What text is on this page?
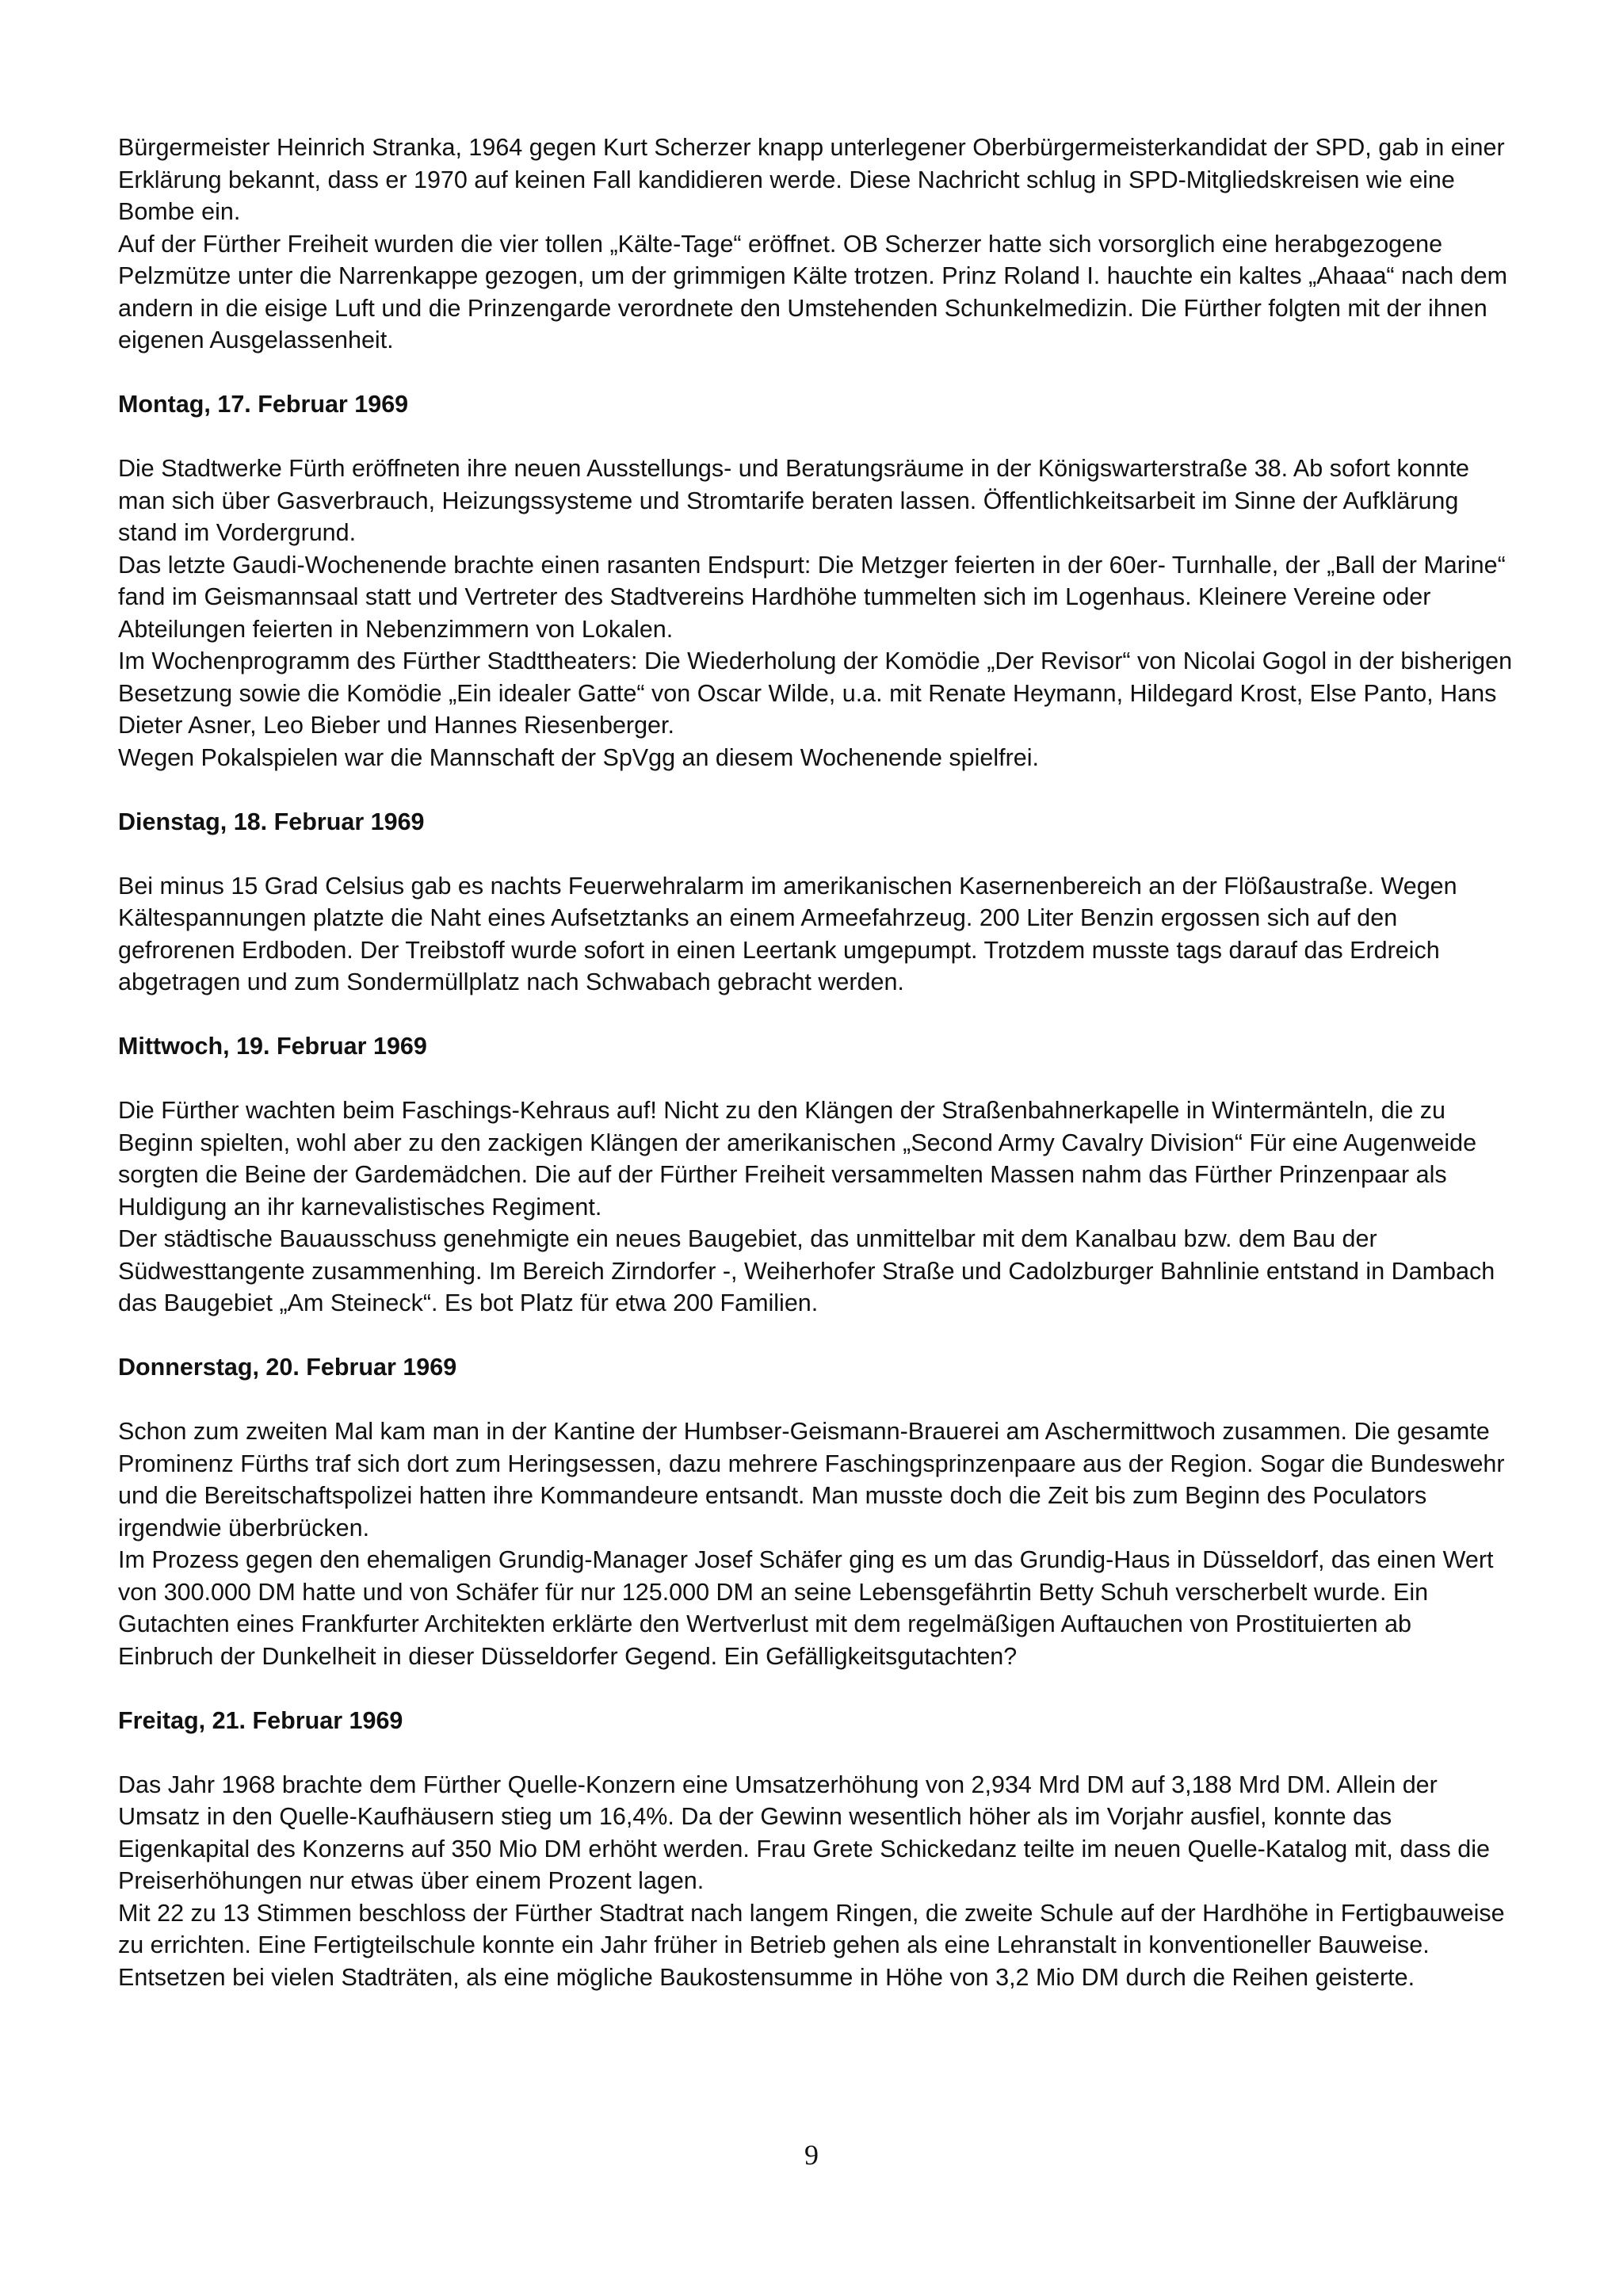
Bürgermeister Heinrich Stranka, 1964 gegen Kurt Scherzer knapp unterlegener Oberbürgermeisterkandidat der SPD, gab in einer Erklärung bekannt, dass er 1970 auf keinen Fall kandidieren werde. Diese Nachricht schlug in SPD-Mitgliedskreisen wie eine Bombe ein.

Auf der Fürther Freiheit wurden die vier tollen „Kälte-Tage“ eröffnet. OB Scherzer hatte sich vorsorglich eine herabgezogene Pelzmütze unter die Narrenkappe gezogen, um der grimmigen Kälte trotzen. Prinz Roland I. hauchte ein kaltes „Ahaaa“ nach dem andern in die eisige Luft und die Prinzengarde verordnete den Umstehenden Schunkelmedizin. Die Fürther folgten mit der ihnen eigenen Ausgelassenheit.

Montag, 17. Februar 1969

Die Stadtwerke Fürth eröffneten ihre neuen Ausstellungs- und Beratungsräume in der Königswarterstraße 38. Ab sofort konnte man sich über Gasverbrauch, Heizungssysteme und Stromtarife beraten lassen. Öffentlichkeitsarbeit im Sinne der Aufklärung stand im Vordergrund.

Das letzte Gaudi-Wochenende brachte einen rasanten Endspurt: Die Metzger feierten in der 60er- Turnhalle, der „Ball der Marine“ fand im Geismannsaal statt und Vertreter des Stadtvereins Hardhöhe tummelten sich im Logenhaus. Kleinere Vereine oder Abteilungen feierten in Nebenzimmern von Lokalen.

Im Wochenprogramm des Fürther Stadttheaters: Die Wiederholung der Komödie „Der Revisor“ von Nicolai Gogol in der bisherigen Besetzung sowie die Komödie „Ein idealer Gatte“ von Oscar Wilde, u.a. mit Renate Heymann, Hildegard Krost, Else Panto, Hans Dieter Asner, Leo Bieber und Hannes Riesenberger.

Wegen Pokalspielen war die Mannschaft der SpVgg an diesem Wochenende spielfrei.

Dienstag, 18. Februar 1969

Bei minus 15 Grad Celsius gab es nachts Feuerwehralarm im amerikanischen Kasernenbereich an der Flößaustraße. Wegen Kältespannungen platzte die Naht eines Aufsetztanks an einem Armeefahrzeug. 200 Liter Benzin ergossen sich auf den gefrorenen Erdboden. Der Treibstoff wurde sofort in einen Leertank umgepumpt. Trotzdem musste tags darauf das Erdreich abgetragen und zum Sondermüllplatz nach Schwabach gebracht werden.

Mittwoch, 19. Februar 1969

Die Fürther wachten beim Faschings-Kehraus auf! Nicht zu den Klängen der Straßenbahnerkapelle in Wintermänteln, die zu Beginn spielten, wohl aber zu den zackigen Klängen der amerikanischen „Second Army Cavalry Division“ Für eine Augenweide sorgten die Beine der Gardemädchen. Die auf der Fürther Freiheit versammelten Massen nahm das Fürther Prinzenpaar als Huldigung an ihr karnevalistisches Regiment.

Der städtische Bauausschuss genehmigte ein neues Baugebiet, das unmittelbar mit dem Kanalbau bzw. dem Bau der Südwesttangente zusammenhing. Im Bereich Zirndorfer -, Weiherhofer Straße und Cadolzburger Bahnlinie entstand in Dambach das Baugebiet „Am Steineck“. Es bot Platz für etwa 200 Familien.

Donnerstag, 20. Februar 1969

Schon zum zweiten Mal kam man in der Kantine der Humbser-Geismann-Brauerei am Aschermittwoch zusammen. Die gesamte Prominenz Fürths traf sich dort zum Heringsessen, dazu mehrere Faschingsprinzenpaare aus der Region. Sogar die Bundeswehr und die Bereitschaftspolizei hatten ihre Kommandeure entsandt. Man musste doch die Zeit bis zum Beginn des Poculators irgendwie überbrücken.

Im Prozess gegen den ehemaligen Grundig-Manager Josef Schäfer ging es um das Grundig-Haus in Düsseldorf, das einen Wert von 300.000 DM hatte und von Schäfer für nur 125.000 DM an seine Lebensgefährtin Betty Schuh verscherbelt wurde. Ein Gutachten eines Frankfurter Architekten erklärte den Wertverlust mit dem regelmäßigen Auftauchen von Prostituierten ab Einbruch der Dunkelheit in dieser Düsseldorfer Gegend. Ein Gefälligkeitsgutachten?

Freitag, 21. Februar 1969

Das Jahr 1968 brachte dem Fürther Quelle-Konzern eine Umsatzerhöhung von 2,934 Mrd DM auf 3,188 Mrd DM. Allein der Umsatz in den Quelle-Kaufhäusern stieg um 16,4%. Da der Gewinn wesentlich höher als im Vorjahr ausfiel, konnte das Eigenkapital des Konzerns auf 350 Mio DM erhöht werden. Frau Grete Schickedanz teilte im neuen Quelle-Katalog mit, dass die Preiserhöhungen nur etwas über einem Prozent lagen.

Mit 22 zu 13 Stimmen beschloss der Fürther Stadtrat nach langem Ringen, die zweite Schule auf der Hardhöhe in Fertigbauweise zu errichten. Eine Fertigteilschule konnte ein Jahr früher in Betrieb gehen als eine Lehranstalt in konventioneller Bauweise. Entsetzen bei vielen Stadträten, als eine mögliche Baukostensumme in Höhe von 3,2 Mio DM durch die Reihen geisterte.

9
